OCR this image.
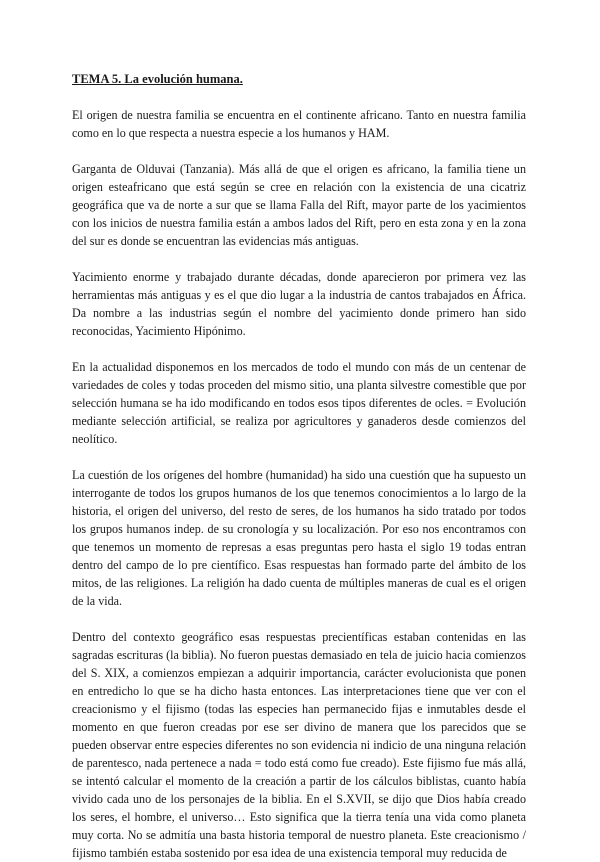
TEMA 5. La evolución humana.

El origen de nuestra familia se encuentra en el continente africano. Tanto en nuestra familia como en lo que respecta a nuestra especie a los humanos y HAM.

Garganta de Olduvai (Tanzania). Más allá de que el origen es africano, la familia tiene un origen esteafricano que está según se cree en relación con la existencia de una cicatriz geográfica que va de norte a sur que se llama Falla del Rift, mayor parte de los yacimientos con los inicios de nuestra familia están a ambos lados del Rift, pero en esta zona y en la zona del sur es donde se encuentran las evidencias más antiguas.

Yacimiento enorme y trabajado durante décadas, donde aparecieron por primera vez las herramientas más antiguas y es el que dio lugar a la industria de cantos trabajados en África. Da nombre a las industrias según el nombre del yacimiento donde primero han sido reconocidas, Yacimiento Hipónimo.

En la actualidad disponemos en los mercados de todo el mundo con más de un centenar de variedades de coles y todas proceden del mismo sitio, una planta silvestre comestible que por selección humana se ha ido modificando en todos esos tipos diferentes de ocles. = Evolución mediante selección artificial, se realiza por agricultores y ganaderos desde comienzos del neolítico.

La cuestión de los orígenes del hombre (humanidad) ha sido una cuestión que ha supuesto un interrogante de todos los grupos humanos de los que tenemos conocimientos a lo largo de la historia, el origen del universo, del resto de seres, de los humanos ha sido tratado por todos los grupos humanos indep. de su cronología y su localización. Por eso nos encontramos con que tenemos un momento de represas a esas preguntas pero hasta el siglo 19 todas entran dentro del campo de lo pre científico. Esas respuestas han formado parte del ámbito de los mitos, de las religiones. La religión ha dado cuenta de múltiples maneras de cual es el origen de la vida.

Dentro del contexto geográfico esas respuestas precientíficas estaban contenidas en las sagradas escrituras (la biblia). No fueron puestas demasiado en tela de juicio hacia comienzos del S. XIX, a comienzos empiezan a adquirir importancia, carácter evolucionista que ponen en entredicho lo que se ha dicho hasta entonces. Las interpretaciones tiene que ver con el creacionismo y el fijismo (todas las especies han permanecido fijas e inmutables desde el momento en que fueron creadas por ese ser divino de manera que los parecidos que se pueden observar entre especies diferentes no son evidencia ni indicio de una ninguna relación de parentesco, nada pertenece a nada = todo está como fue creado). Este fijismo fue más allá, se intentó calcular el momento de la creación a partir de los cálculos biblistas, cuanto había vivido cada uno de los personajes de la biblia. En el S.XVII, se dijo que Dios había creado los seres, el hombre, el universo… Esto significa que la tierra tenía una vida como planeta muy corta. No se admitía una basta historia temporal de nuestro planeta. Este creacionismo / fijismo también estaba sostenido por esa idea de una existencia temporal muy reducida de
